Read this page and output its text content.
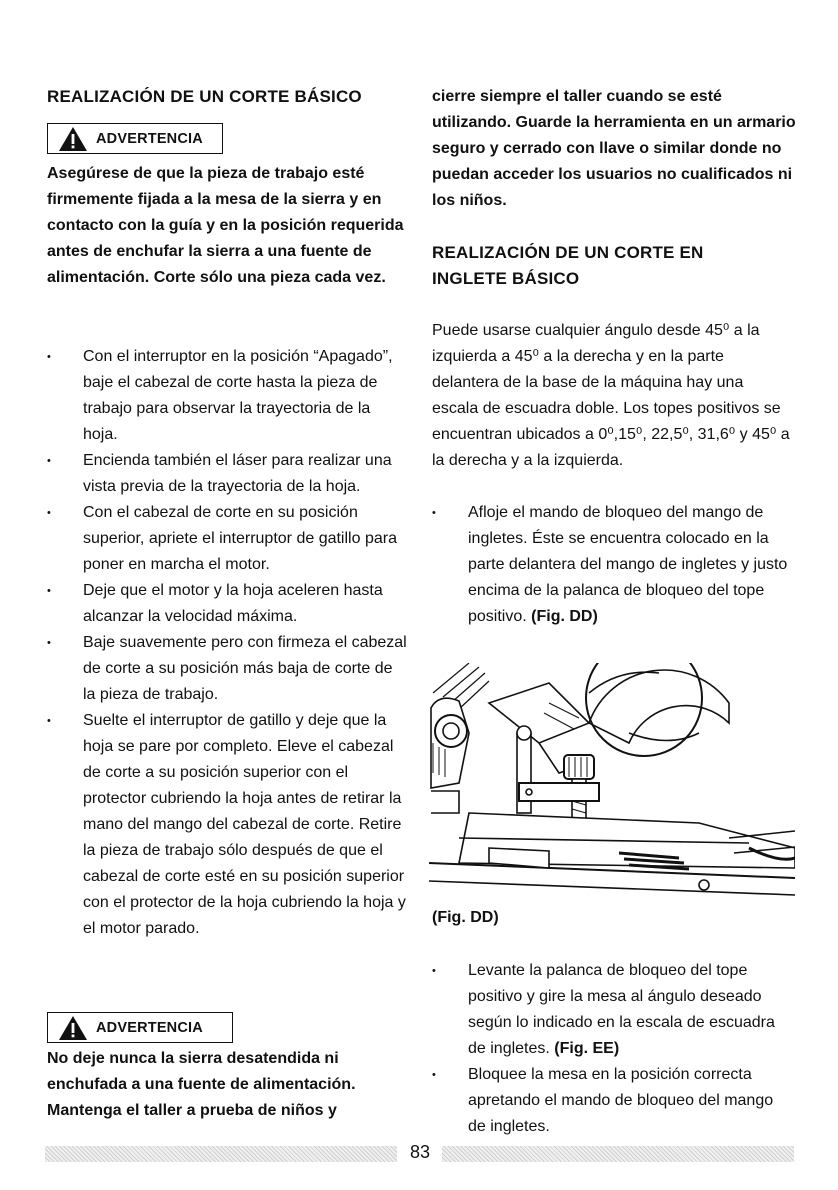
REALIZACIÓN DE UN CORTE BÁSICO
ADVERTENCIA

Asegúrese de que la pieza de trabajo esté firmemente fijada a la mesa de la sierra y en contacto con la guía y en la posición requerida antes de enchufar la sierra a una fuente de alimentación. Corte sólo una pieza cada vez.

• Con el interruptor en la posición “Apagado”, baje el cabezal de corte hasta la pieza de trabajo para observar la trayectoria de la hoja.
• Encienda también el láser para realizar una vista previa de la trayectoria de la hoja.
• Con el cabezal de corte en su posición superior, apriete el interruptor de gatillo para poner en marcha el motor.
• Deje que el motor y la hoja aceleren hasta alcanzar la velocidad máxima.
• Baje suavemente pero con firmeza el cabezal de corte a su posición más baja de corte de la pieza de trabajo.
• Suelte el interruptor de gatillo y deje que la hoja se pare por completo. Eleve el cabezal de corte a su posición superior con el protector cubriendo la hoja antes de retirar la mano del mango del cabezal de corte. Retire la pieza de trabajo sólo después de que el cabezal de corte esté en su posición superior con el protector de la hoja cubriendo la hoja y el motor parado.
ADVERTENCIA

No deje nunca la sierra desatendida ni enchufada a una fuente de alimentación. Mantenga el taller a prueba de niños y

cierre siempre el taller cuando se esté utilizando. Guarde la herramienta en un armario seguro y cerrado con llave o similar donde no puedan acceder los usuarios no cualificados ni los niños.

REALIZACIÓN DE UN CORTE EN
INGLETE BÁSICO

Puede usarse cualquier ángulo desde 45⁰ a la izquierda a 45⁰ a la derecha y en la parte delantera de la base de la máquina hay una escala de escuadra doble. Los topes positivos se encuentran ubicados a 0⁰,15⁰, 22,5⁰, 31,6⁰ y 45⁰ a la derecha y a la izquierda.

• Afloje el mando de bloqueo del mango de ingletes. Éste se encuentra colocado en la parte delantera del mango de ingletes y justo encima de la palanca de bloqueo del tope positivo. (Fig. DD)
(Fig. DD)
• Levante la palanca de bloqueo del tope positivo y gire la mesa al ángulo deseado según lo indicado en la escala de escuadra de ingletes. (Fig. EE)
• Bloquee la mesa en la posición correcta apretando el mando de bloqueo del mango de ingletes.
83
